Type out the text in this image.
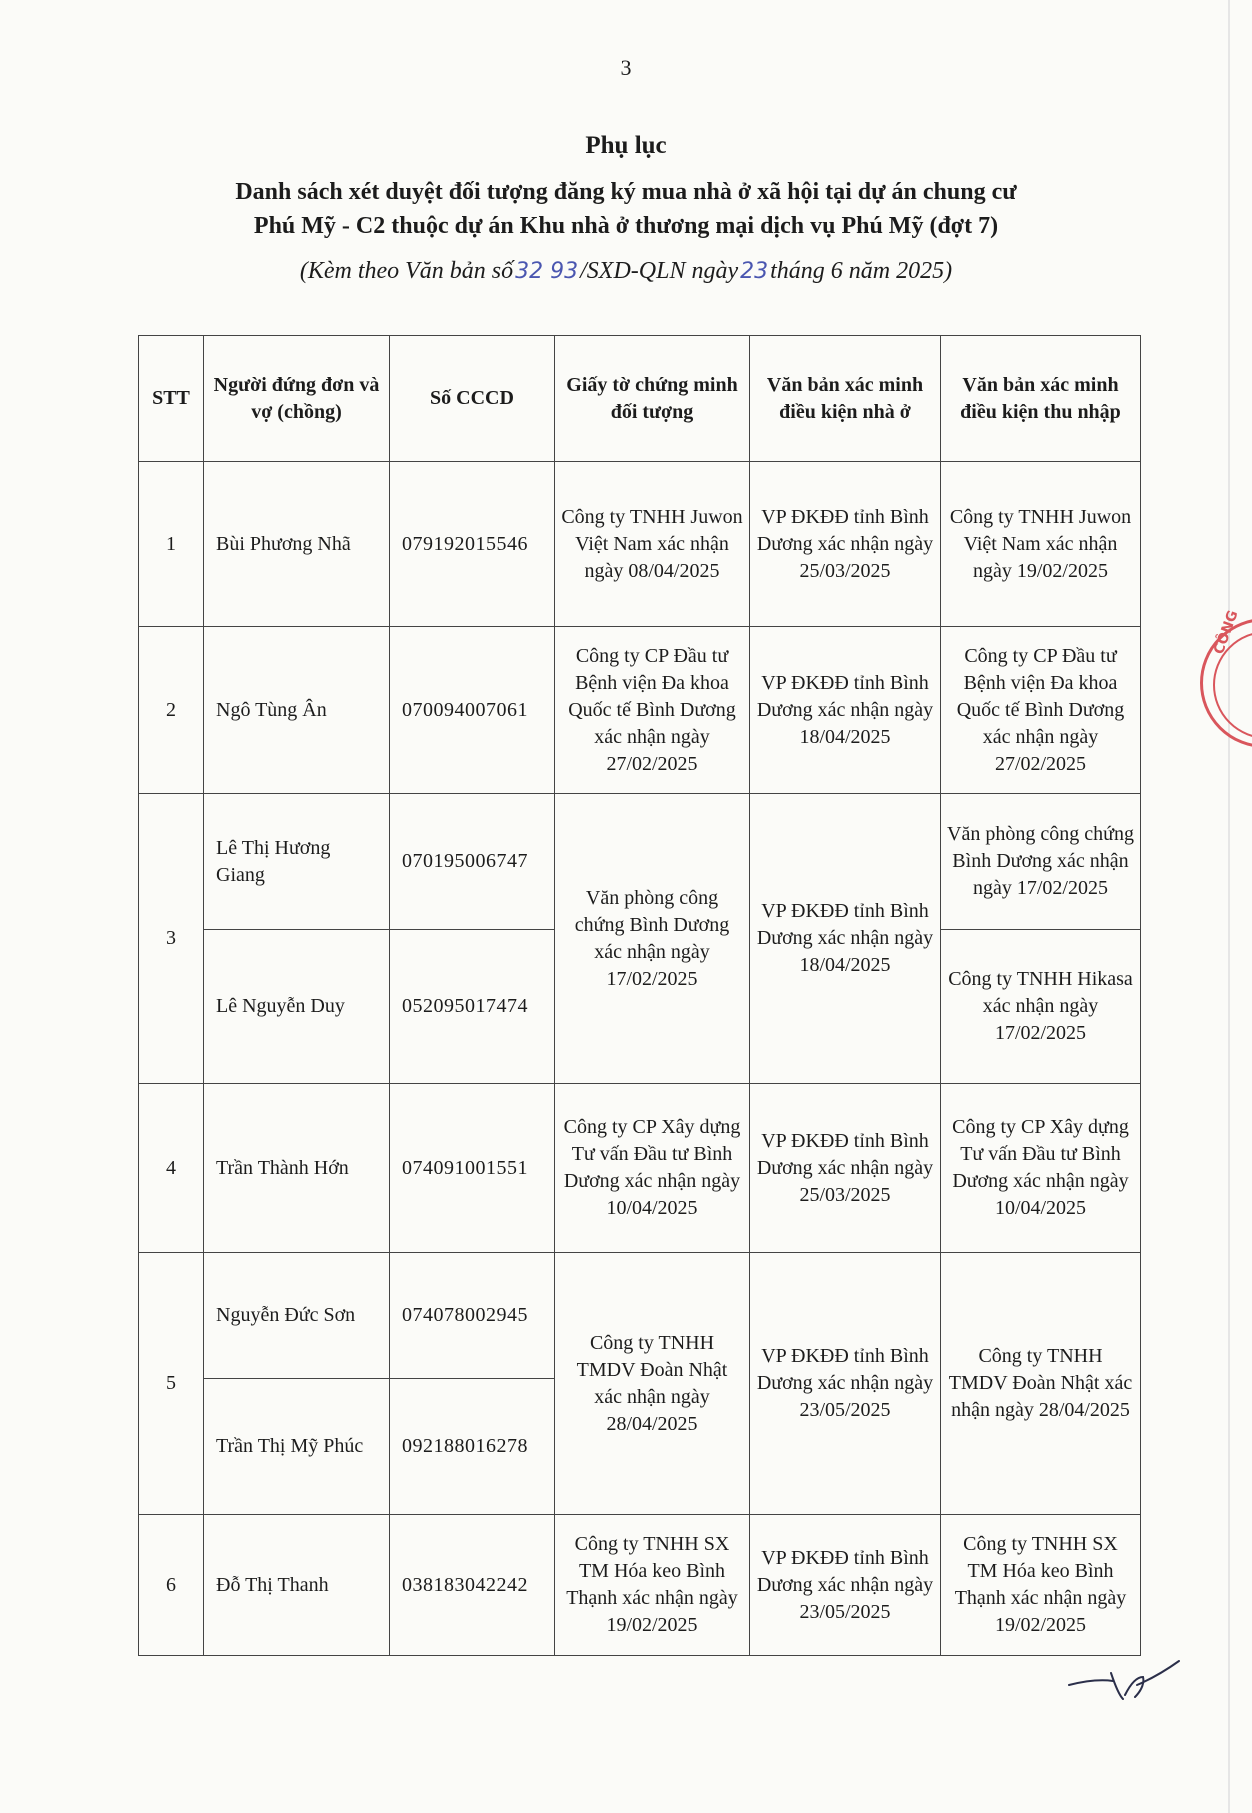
3
Phụ lục
Danh sách xét duyệt đối tượng đăng ký mua nhà ở xã hội tại dự án chung cư
Phú Mỹ - C2 thuộc dự án Khu nhà ở thương mại dịch vụ Phú Mỹ (đợt 7)
(Kèm theo Văn bản số32 93/SXD-QLN ngày23tháng 6 năm 2025)
STT	Người đứng đơn và vợ (chồng)	Số CCCD	Giấy tờ chứng minh đối tượng	Văn bản xác minh điều kiện nhà ở	Văn bản xác minh điều kiện thu nhập
1	Bùi Phương Nhã	079192015546	Công ty TNHH Juwon Việt Nam xác nhận ngày 08/04/2025	VP ĐKĐĐ tỉnh Bình Dương xác nhận ngày 25/03/2025	Công ty TNHH Juwon Việt Nam xác nhận ngày 19/02/2025
2	Ngô Tùng Ân	070094007061	Công ty CP Đầu tư Bệnh viện Đa khoa Quốc tế Bình Dương xác nhận ngày 27/02/2025	VP ĐKĐĐ tỉnh Bình Dương xác nhận ngày 18/04/2025	Công ty CP Đầu tư Bệnh viện Đa khoa Quốc tế Bình Dương xác nhận ngày 27/02/2025
3	Lê Thị Hương Giang	070195006747	Văn phòng công chứng Bình Dương xác nhận ngày 17/02/2025	VP ĐKĐĐ tỉnh Bình Dương xác nhận ngày 18/04/2025	Văn phòng công chứng Bình Dương xác nhận ngày 17/02/2025
	Lê Nguyễn Duy	052095017474			Công ty TNHH Hikasa xác nhận ngày 17/02/2025
4	Trần Thành Hớn	074091001551	Công ty CP Xây dựng Tư vấn Đầu tư Bình Dương xác nhận ngày 10/04/2025	VP ĐKĐĐ tỉnh Bình Dương xác nhận ngày 25/03/2025	Công ty CP Xây dựng Tư vấn Đầu tư Bình Dương xác nhận ngày 10/04/2025
5	Nguyễn Đức Sơn	074078002945	Công ty TNHH TMDV Đoàn Nhật xác nhận ngày 28/04/2025	VP ĐKĐĐ tỉnh Bình Dương xác nhận ngày 23/05/2025	Công ty TNHH TMDV Đoàn Nhật xác nhận ngày 28/04/2025
	Trần Thị Mỹ Phúc	092188016278			
6	Đỗ Thị Thanh	038183042242	Công ty TNHH SX TM Hóa keo Bình Thạnh xác nhận ngày 19/02/2025	VP ĐKĐĐ tỉnh Bình Dương xác nhận ngày 23/05/2025	Công ty TNHH SX TM Hóa keo Bình Thạnh xác nhận ngày 19/02/2025
CÔNG
